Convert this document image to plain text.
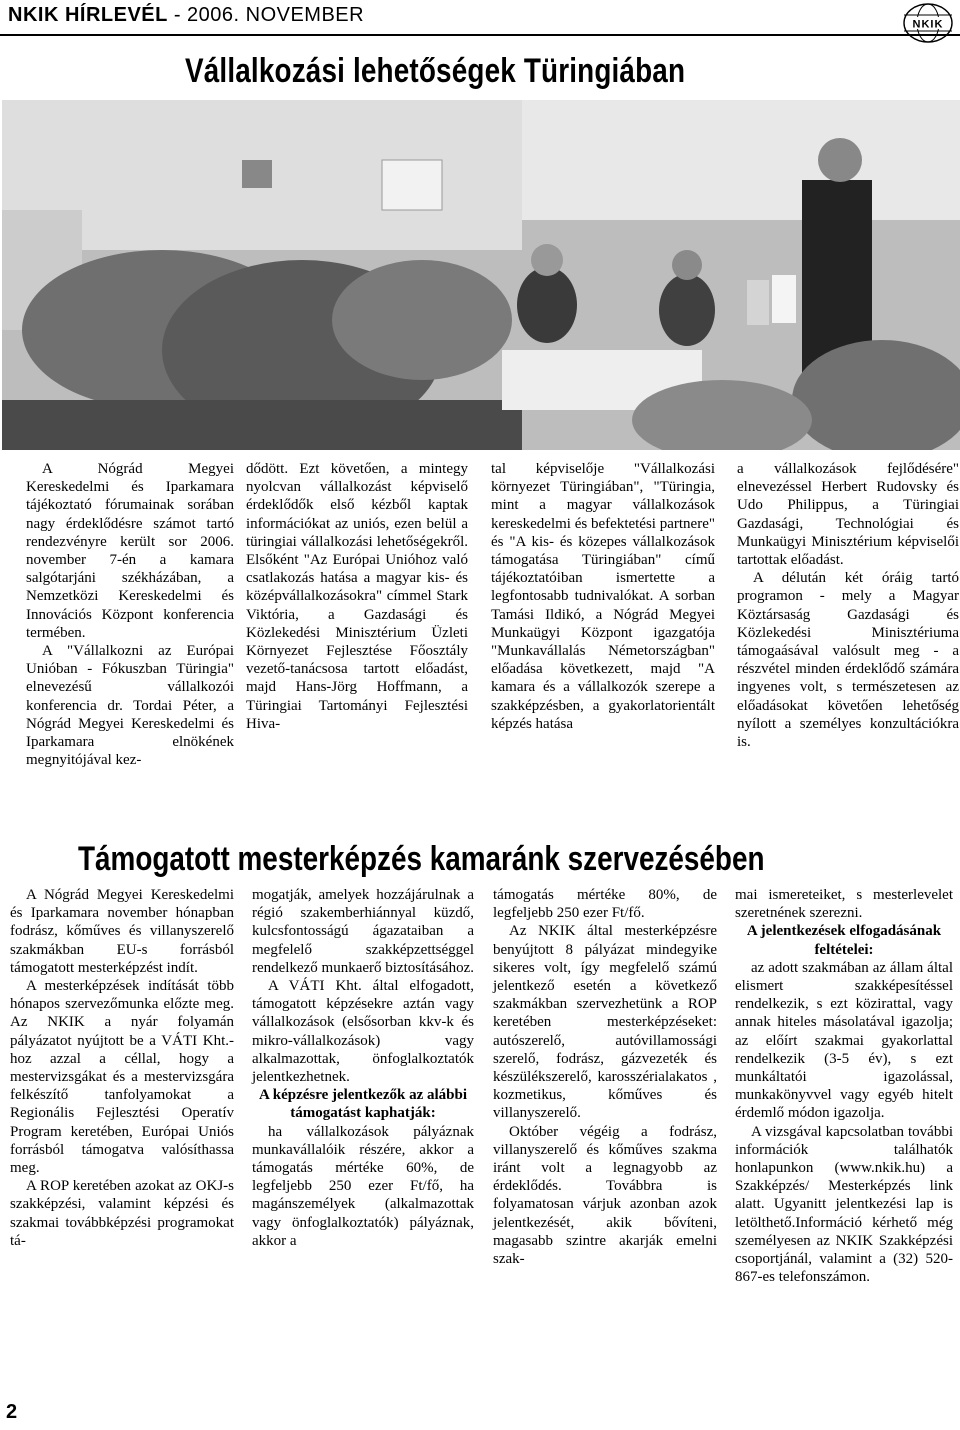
NKIK HÍRLEVÉL - 2006. NOVEMBER	NKIK
Vállalkozási lehetőségek Türingiában

A Nógrád Megyei Kereskedelmi és Iparkamara tájékoztató fórumainak sorában nagy érdeklődésre számot tartó rendezvényre került sor 2006. november 7-én a kamara salgótarjáni székházában, a Nemzetközi Kereskedelmi és Innovációs Központ konferencia termében.

A "Vállalkozni az Európai Unióban - Fókuszban Türingia" elnevezésű vállalkozói konferencia dr. Tordai Péter, a Nógrád Megyei Kereskedelmi és Iparkamara elnökének megnyitójával kez-

dődött. Ezt követően, a mintegy nyolcvan vállalkozást képviselő érdeklődők első kézből kaptak információkat az uniós, ezen belül a türingiai vállalkozási lehetőségekről. Elsőként "Az Európai Unióhoz való csatlakozás hatása a magyar kis- és középvállalkozásokra" címmel Stark Viktória, a Gazdasági és Közlekedési Minisztérium Üzleti Környezet Fejlesztése Főosztály vezető-tanácsosa tartott előadást, majd Hans-Jörg Hoffmann, a Türingiai Tartományi Fejlesztési Hiva-

tal képviselője "Vállalkozási környezet Türingiában", "Türingia, mint a magyar vállalkozások kereskedelmi és befektetési partnere" és "A kis- és közepes vállalkozások támogatása Türingiában" című tájékoztatóiban ismertette a legfontosabb tudnivalókat. A sorban Tamási Ildikó, a Nógrád Megyei Munkaügyi Központ igazgatója "Munkavállalás Németországban" előadása következett, majd "A kamara és a vállalkozók szerepe a szakképzésben, a gyakorlatorientált képzés hatása

a vállalkozások fejlődésére" elnevezéssel Herbert Rudovsky és Udo Philippus, a Türingiai Gazdasági, Technológiai és Munkaügyi Minisztérium képviselői tartottak előadást.

A délután két óráig tartó programon - mely a Magyar Köztársaság Gazdasági és Közlekedési Minisztériuma támogaásával valósult meg - a részvétel minden érdeklődő számára ingyenes volt, s természetesen az előadásokat követően lehetőség nyílott a személyes konzultációkra is.

Támogatott mesterképzés kamaránk szervezésében

A Nógrád Megyei Kereskedelmi és Iparkamara november hónapban fodrász, kőműves és villanyszerelő szakmákban EU-s forrásból támogatott mesterképzést indít.

A mesterképzések indítását több hónapos szervezőmunka előzte meg. Az NKIK a nyár folyamán pályázatot nyújtott be a VÁTI Kht.-hoz azzal a céllal, hogy a mestervizsgákat és a mestervizsgára felkészítő tanfolyamokat a Regionális Fejlesztési Operatív Program keretében, Európai Uniós forrásból támogatva valósíthassa meg.

A ROP keretében azokat az OKJ-s szakképzési, valamint képzési és szakmai továbbképzési programokat tá-

mogatják, amelyek hozzájárulnak a régió szakemberhiánnyal küzdő, kulcsfontosságú ágazataiban a megfelelő szakképzettséggel rendelkező munkaerő biztosításához.

A VÁTI Kht. által elfogadott, támogatott képzésekre aztán vagy vállalkozások (elsősorban kkv-k és mikro-vállalkozások) vagy alkalmazottak, önfoglalkoztatók jelentkezhetnek.

A képzésre jelentkezők az alábbi támogatást kaphatják:

ha vállalkozások pályáznak munkavállalóik részére, akkor a támogatás mértéke 60%, de legfeljebb 250 ezer Ft/fő, ha magánszemélyek (alkalmazottak vagy önfoglalkoztatók) pályáznak, akkor a

támogatás mértéke 80%, de legfeljebb 250 ezer Ft/fő.

Az NKIK által mesterképzésre benyújtott 8 pályázat mindegyike sikeres volt, így megfelelő számú jelentkező esetén a következő szakmákban szervezhetünk a ROP keretében mesterképzéseket: autószerelő, autóvillamossági szerelő, fodrász, gázvezeték és készülékszerelő, karosszérialakatos , kozmetikus, kőműves és villanyszerelő.

Október végéig a fodrász, villanyszerelő és kőműves szakma iránt volt a legnagyobb az érdeklődés. Továbbra is folyamatosan várjuk azonban azok jelentkezését, akik bővíteni, magasabb szintre akarják emelni szak-

mai ismereteiket, s mesterlevelet szeretnének szerezni.

A jelentkezések elfogadásának feltételei:

az adott szakmában az állam által elismert szakképesítéssel rendelkezik, s ezt közirattal, vagy annak hiteles másolatával igazolja; az előírt szakmai gyakorlattal rendelkezik (3-5 év), s ezt munkáltatói igazolással, munkakönyvvel vagy egyéb hitelt érdemlő módon igazolja.

A vizsgával kapcsolatban további információk találhatók honlapunkon (www.nkik.hu) a Szakképzés/ Mesterképzés link alatt. Ugyanitt jelentkezési lap is letölthető.Információ kérhető még személyesen az NKIK Szakképzési csoportjánál, valamint a (32) 520-867-es telefonszámon.

2
